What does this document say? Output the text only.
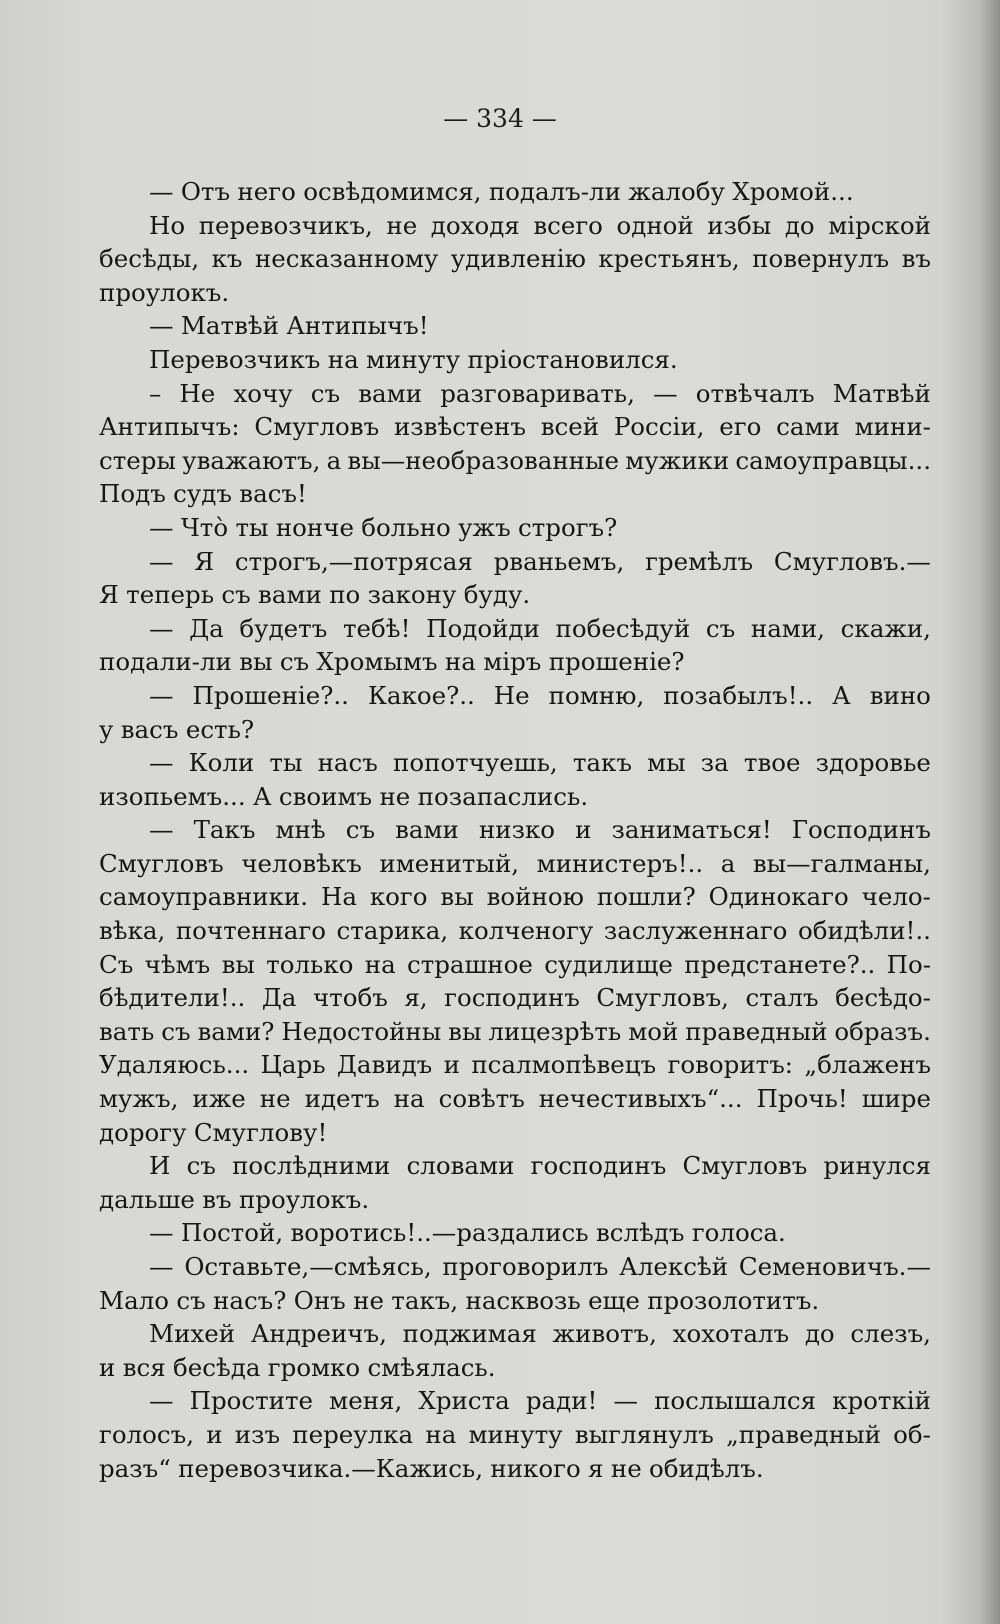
— 334 —
— Отъ него освѣдомимся, подалъ-ли жалобу Хромой...
Но перевозчикъ, не доходя всего одной избы до мірской
бесѣды, къ несказанному удивленію крестьянъ, повернулъ въ
проулокъ.
— Матвѣй Антипычъ!
Перевозчикъ на минуту пріостановился.
– Не хочу съ вами разговаривать, — отвѣчалъ Матвѣй
Антипычъ: Смугловъ извѣстенъ всей Россіи, его сами мини-
стеры уважаютъ, а вы—необразованные мужики самоуправцы...
Подъ судъ васъ!
— Чтò ты нонче больно ужъ строгъ?
— Я строгъ,—потрясая рваньемъ, гремѣлъ Смугловъ.—
Я теперь съ вами по закону буду.
— Да будетъ тебѣ! Подойди побесѣдуй съ нами, скажи,
подали-ли вы съ Хромымъ на міръ прошеніе?
— Прошеніе?.. Какое?.. Не помню, позабылъ!.. А вино
у васъ есть?
— Коли ты насъ попотчуешь, такъ мы за твое здоровье
изопьемъ... А своимъ не позапаслись.
— Такъ мнѣ съ вами низко и заниматься! Господинъ
Смугловъ человѣкъ именитый, министеръ!.. а вы—галманы,
самоуправники. На кого вы войною пошли? Одинокаго чело-
вѣка, почтеннаго старика, колченогу заслуженнаго обидѣли!..
Съ чѣмъ вы только на страшное судилище предстанете?.. По-
бѣдители!.. Да чтобъ я, господинъ Смугловъ, сталъ бесѣдо-
вать съ вами? Недостойны вы лицезрѣть мой праведный образъ.
Удаляюсь... Царь Давидъ и псалмопѣвецъ говоритъ: „блаженъ
мужъ, иже не идетъ на совѣтъ нечестивыхъ“... Прочь! шире
дорогу Смуглову!
И съ послѣдними словами господинъ Смугловъ ринулся
дальше въ проулокъ.
— Постой, воротись!..—раздались вслѣдъ голоса.
— Оставьте,—смѣясь, проговорилъ Алексѣй Семеновичъ.—
Мало съ насъ? Онъ не такъ, насквозь еще прозолотитъ.
Михей Андреичъ, поджимая животъ, хохоталъ до слезъ,
и вся бесѣда громко смѣялась.
— Простите меня, Христа ради! — послышался кроткій
голосъ, и изъ переулка на минуту выглянулъ „праведный об-
разъ“ перевозчика.—Кажись, никого я не обидѣлъ.
